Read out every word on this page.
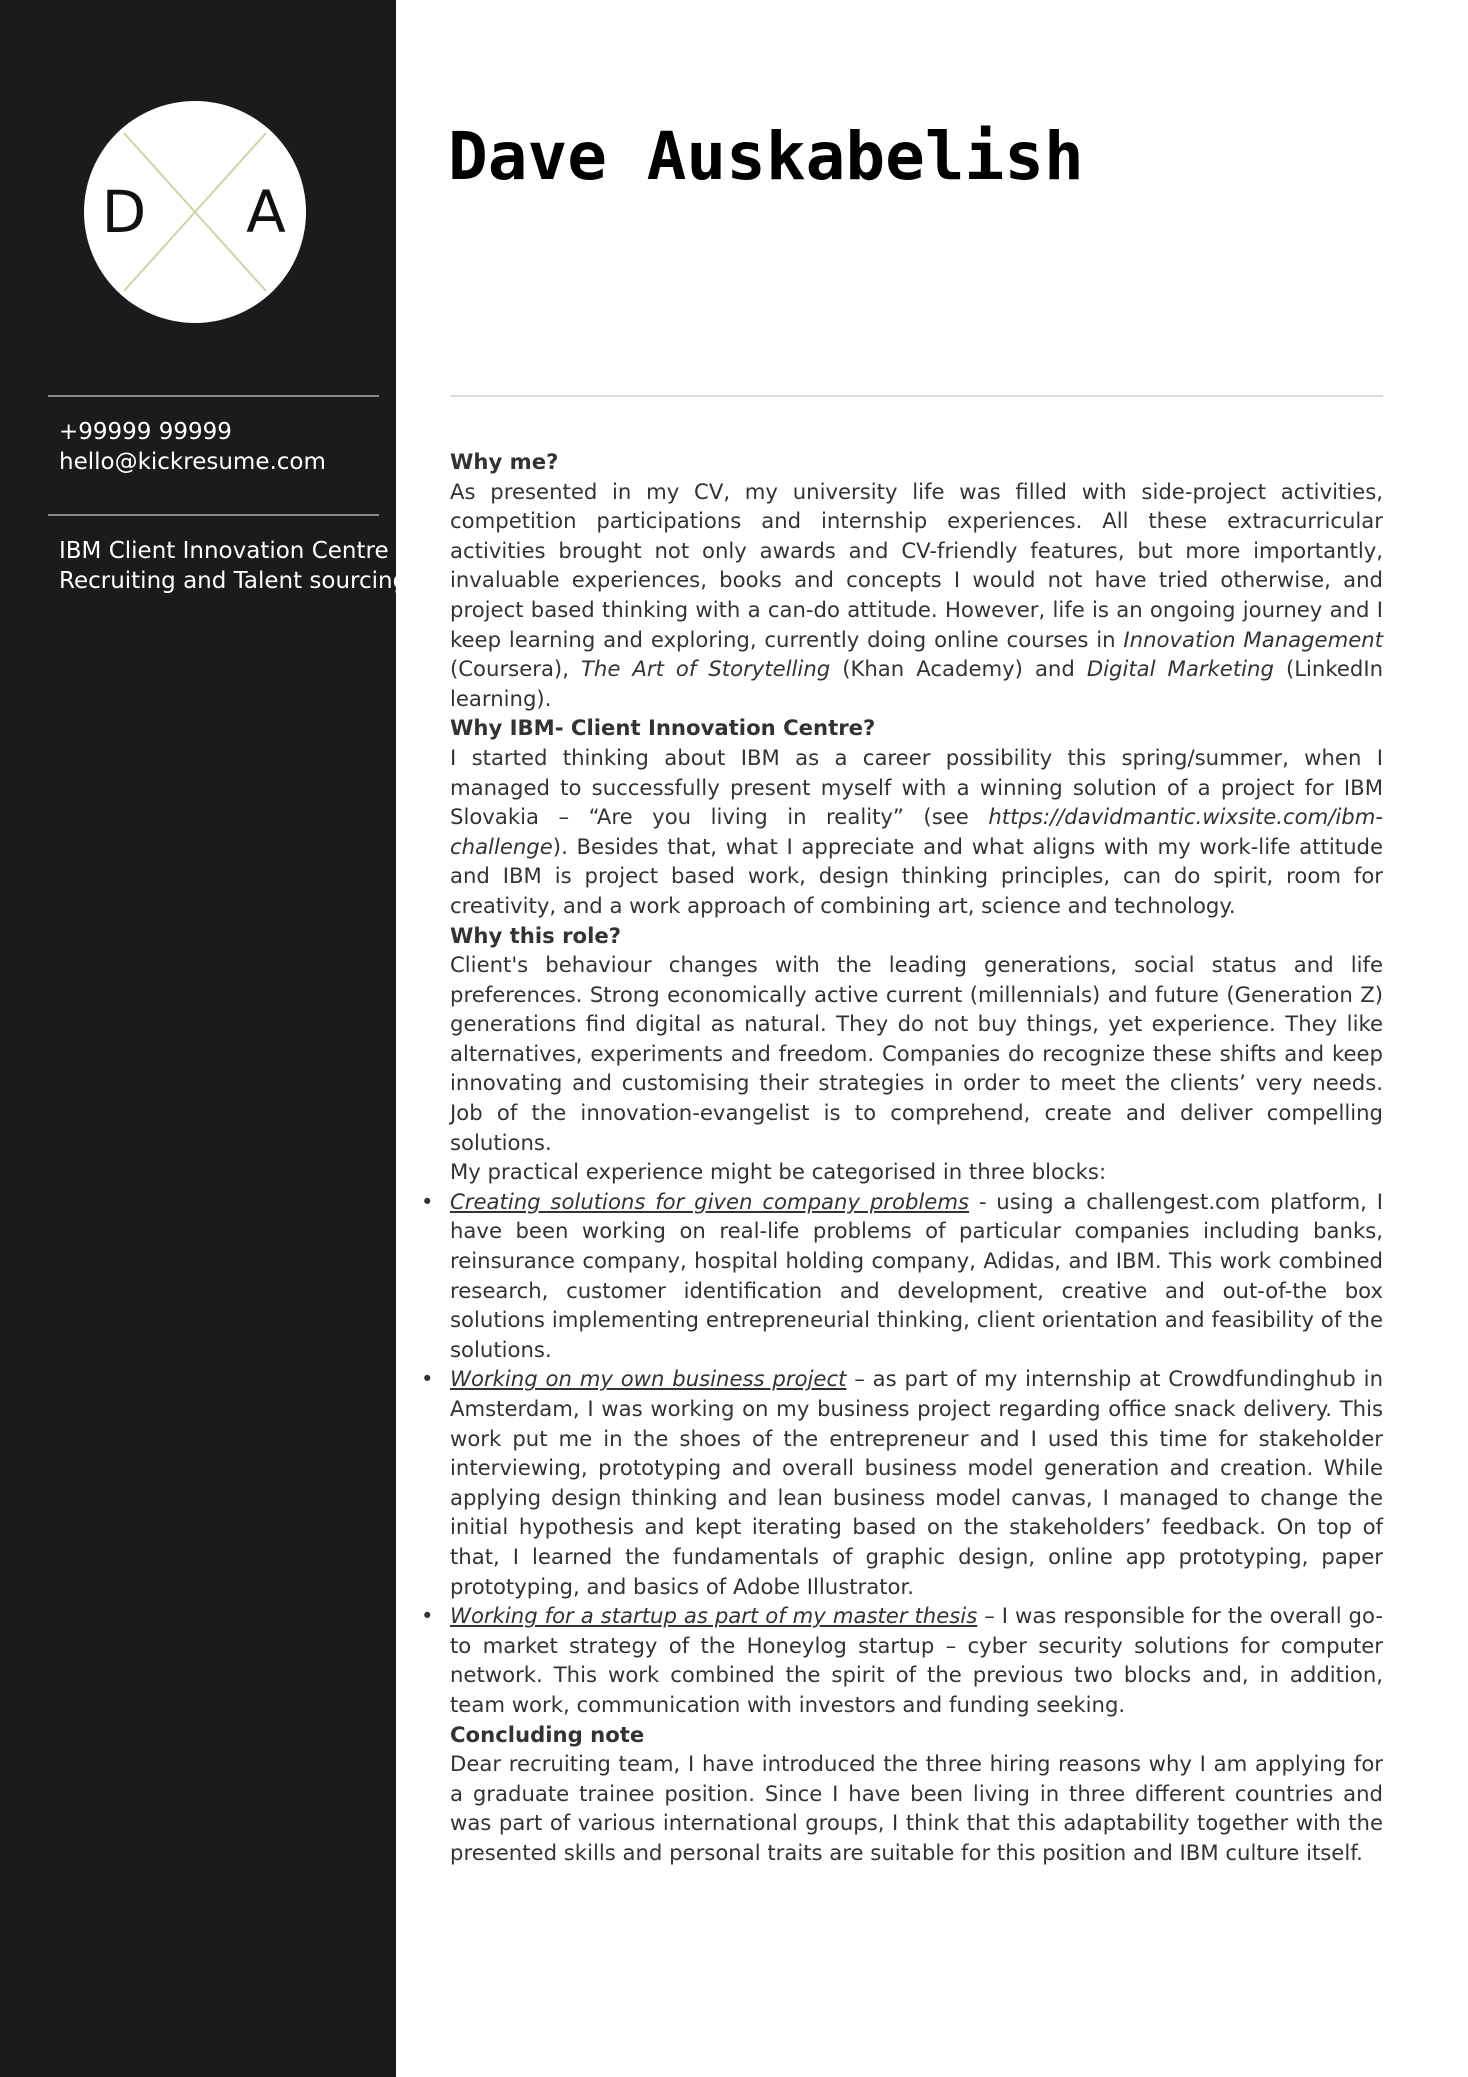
D A
+99999 99999
hello@kickresume.com
IBM Client Innovation Centre
Recruiting and Talent sourcing
Dave Auskabelish
Why me?

As presented in my CV, my university life was filled with side-project activities, competition participations and internship experiences. All these extracurricular activities brought not only awards and CV-friendly features, but more importantly, invaluable experiences, books and concepts I would not have tried otherwise, and project based thinking with a can-do attitude. However, life is an ongoing journey and I keep learning and exploring, currently doing online courses in Innovation Management (Coursera), The Art of Storytelling (Khan Academy) and Digital Marketing (LinkedIn learning).

Why IBM- Client Innovation Centre?

I started thinking about IBM as a career possibility this spring/summer, when I managed to successfully present myself with a winning solution of a project for IBM Slovakia – “Are you living in reality” (see https://davidmantic.wixsite.com/ibm-challenge). Besides that, what I appreciate and what aligns with my work-life attitude and IBM is project based work, design thinking principles, can do spirit, room for creativity, and a work approach of combining art, science and technology.

Why this role?

Client's behaviour changes with the leading generations, social status and life preferences. Strong economically active current (millennials) and future (Generation Z) generations find digital as natural. They do not buy things, yet experience. They like alternatives, experiments and freedom. Companies do recognize these shifts and keep innovating and customising their strategies in order to meet the clients’ very needs. Job of the innovation-evangelist is to comprehend, create and deliver compelling solutions.

My practical experience might be categorised in three blocks:

• Creating solutions for given company problems - using a challengest.com platform, I have been working on real-life problems of particular companies including banks, reinsurance company, hospital holding company, Adidas, and IBM. This work combined research, customer identification and development, creative and out-of-the box solutions implementing entrepreneurial thinking, client orientation and feasibility of the solutions.
• Working on my own business project – as part of my internship at Crowdfundinghub in Amsterdam, I was working on my business project regarding office snack delivery. This work put me in the shoes of the entrepreneur and I used this time for stakeholder interviewing, prototyping and overall business model generation and creation. While applying design thinking and lean business model canvas, I managed to change the initial hypothesis and kept iterating based on the stakeholders’ feedback. On top of that, I learned the fundamentals of graphic design, online app prototyping, paper prototyping, and basics of Adobe Illustrator.
• Working for a startup as part of my master thesis – I was responsible for the overall go-to market strategy of the Honeylog startup – cyber security solutions for computer network. This work combined the spirit of the previous two blocks and, in addition, team work, communication with investors and funding seeking.
Concluding note

Dear recruiting team, I have introduced the three hiring reasons why I am applying for a graduate trainee position. Since I have been living in three different countries and was part of various international groups, I think that this adaptability together with the presented skills and personal traits are suitable for this position and IBM culture itself.
